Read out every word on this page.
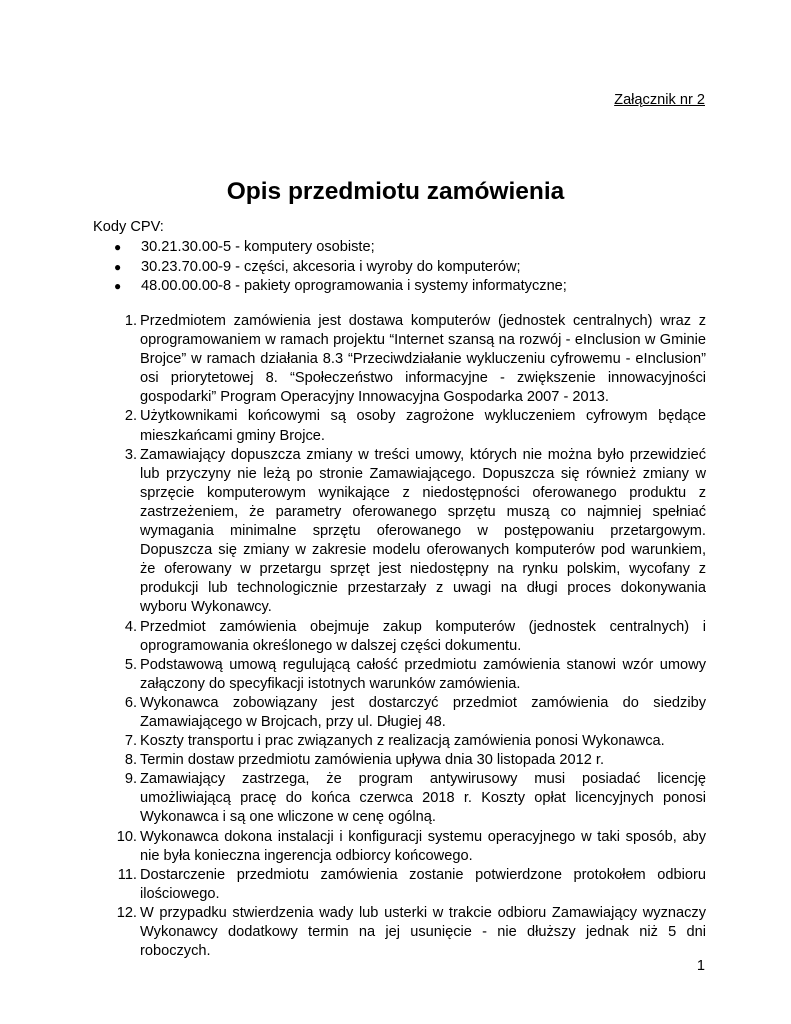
Załącznik nr 2
Opis przedmiotu zamówienia

Kody CPV:

● 30.21.30.00-5 - komputery osobiste;
● 30.23.70.00-9 - części, akcesoria i wyroby do komputerów;
● 48.00.00.00-8 - pakiety oprogramowania i systemy informatyczne;
1. Przedmiotem zamówienia jest dostawa komputerów (jednostek centralnych) wraz z oprogramowaniem w ramach projektu “Internet szansą na rozwój - eInclusion w Gminie Brojce” w ramach działania 8.3 “Przeciwdziałanie wykluczeniu cyfrowemu - eInclusion” osi priorytetowej 8. “Społeczeństwo informacyjne - zwiększenie innowacyjności gospodarki” Program Operacyjny Innowacyjna Gospodarka 2007 - 2013.
2. Użytkownikami końcowymi są osoby zagrożone wykluczeniem cyfrowym będące mieszkańcami gminy Brojce.
3. Zamawiający dopuszcza zmiany w treści umowy, których nie można było przewidzieć lub przyczyny nie leżą po stronie Zamawiającego. Dopuszcza się również zmiany w sprzęcie komputerowym wynikające z niedostępności oferowanego produktu z zastrzeżeniem, że parametry oferowanego sprzętu muszą co najmniej spełniać wymagania minimalne sprzętu oferowanego w postępowaniu przetargowym. Dopuszcza się zmiany w zakresie modelu oferowanych komputerów pod warunkiem, że oferowany w przetargu sprzęt jest niedostępny na rynku polskim, wycofany z produkcji lub technologicznie przestarzały z uwagi na długi proces dokonywania wyboru Wykonawcy.
4. Przedmiot zamówienia obejmuje zakup komputerów (jednostek centralnych) i oprogramowania określonego w dalszej części dokumentu.
5. Podstawową umową regulującą całość przedmiotu zamówienia stanowi wzór umowy załączony do specyfikacji istotnych warunków zamówienia.
6. Wykonawca zobowiązany jest dostarczyć przedmiot zamówienia do siedziby Zamawiającego w Brojcach, przy ul. Długiej 48.
7. Koszty transportu i prac związanych z realizacją zamówienia ponosi Wykonawca.
8. Termin dostaw przedmiotu zamówienia upływa dnia 30 listopada 2012 r.
9. Zamawiający zastrzega, że program antywirusowy musi posiadać licencję umożliwiającą pracę do końca czerwca 2018 r. Koszty opłat licencyjnych ponosi Wykonawca i są one wliczone w cenę ogólną.
10. Wykonawca dokona instalacji i konfiguracji systemu operacyjnego w taki sposób, aby nie była konieczna ingerencja odbiorcy końcowego.
11. Dostarczenie przedmiotu zamówienia zostanie potwierdzone protokołem odbioru ilościowego.
12. W przypadku stwierdzenia wady lub usterki w trakcie odbioru Zamawiający wyznaczy Wykonawcy dodatkowy termin na jej usunięcie - nie dłuższy jednak niż 5 dni roboczych.
1
